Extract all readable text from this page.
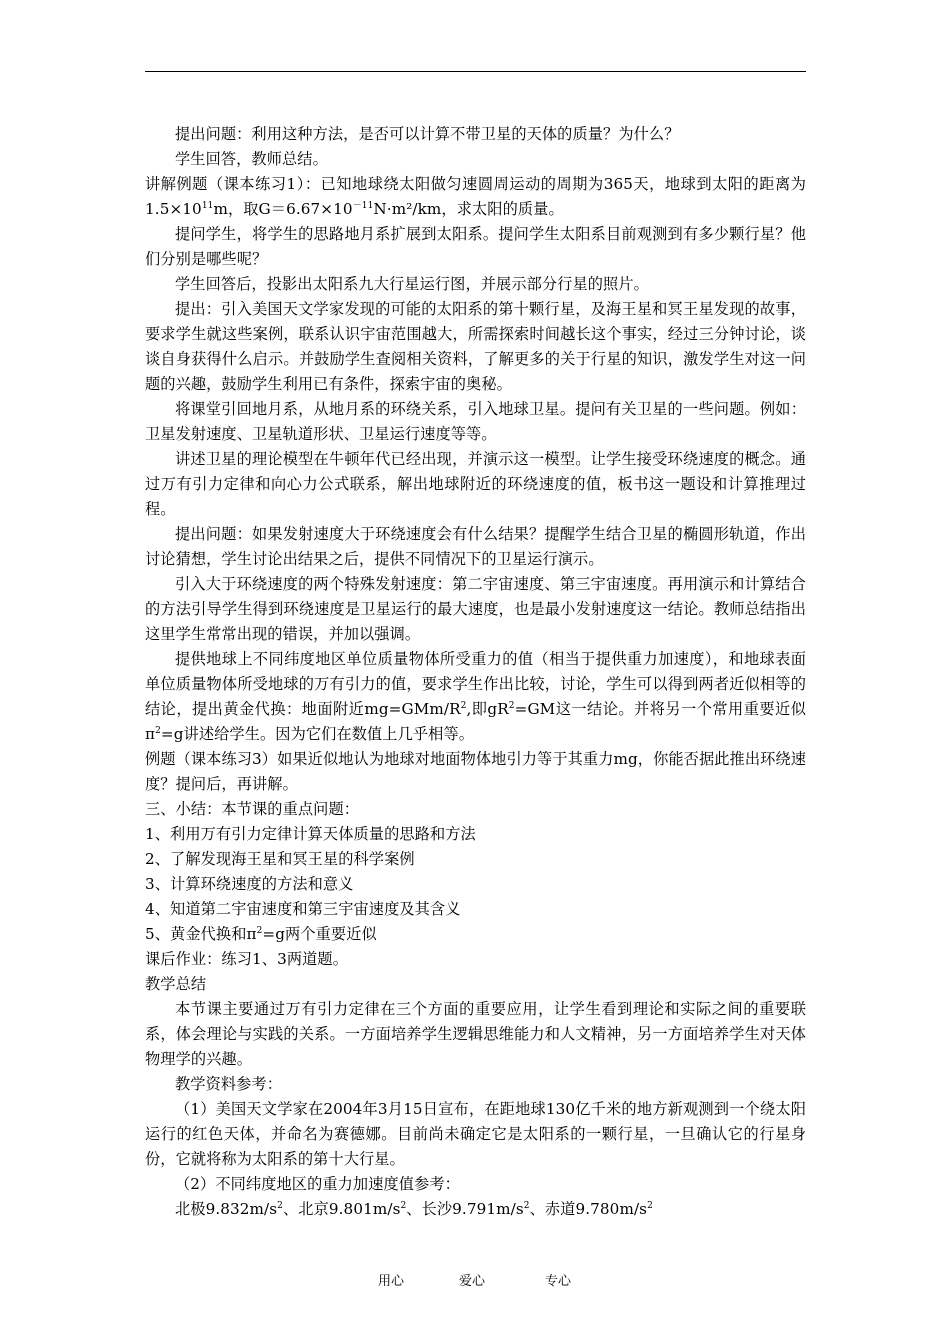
提出问题：利用这种方法，是否可以计算不带卫星的天体的质量？为什么？

学生回答，教师总结。

讲解例题（课本练习1）：已知地球绕太阳做匀速圆周运动的周期为365天，地球到太阳的距离为$1.5\times 10^{11}m$，取$G=6.67\times 10^{-11}N\cdot m^2/km$，求太阳的质量。

提问学生，将学生的思路地月系扩展到太阳系。提问学生太阳系目前观测到有多少颗行星？他们分别是哪些呢？

学生回答后，投影出太阳系九大行星运行图，并展示部分行星的照片。

提出：引入美国天文学家发现的可能的太阳系的第十颗行星，及海王星和冥王星发现的故事，要求学生就这些案例，联系认识宇宙范围越大，所需探索时间越长这个事实，经过三分钟讨论，谈谈自身获得什么启示。并鼓励学生查阅相关资料，了解更多的关于行星的知识，激发学生对这一问题的兴趣，鼓励学生利用已有条件，探索宇宙的奥秘。

将课堂引回地月系，从地月系的环绕关系，引入地球卫星。提问有关卫星的一些问题。例如：卫星发射速度、卫星轨道形状、卫星运行速度等等。

讲述卫星的理论模型在牛顿年代已经出现，并演示这一模型。让学生接受环绕速度的概念。通过万有引力定律和向心力公式联系，解出地球附近的环绕速度的值，板书这一题设和计算推理过程。

提出问题：如果发射速度大于环绕速度会有什么结果？提醒学生结合卫星的椭圆形轨道，作出讨论猜想，学生讨论出结果之后，提供不同情况下的卫星运行演示。

引入大于环绕速度的两个特殊发射速度：第二宇宙速度、第三宇宙速度。再用演示和计算结合的方法引导学生得到环绕速度是卫星运行的最大速度，也是最小发射速度这一结论。教师总结指出这里学生常常出现的错误，并加以强调。

提供地球上不同纬度地区单位质量物体所受重力的值（相当于提供重力加速度），和地球表面单位质量物体所受地球的万有引力的值，要求学生作出比较，讨论，学生可以得到两者近似相等的结论，提出黄金代换：地面附近$mg=GMm/R^2$,即$gR^2=GM$这一结论。并将另一个常用重要近似$\pi^2=g$讲述给学生。因为它们在数值上几乎相等。

例题（课本练习3）如果近似地认为地球对地面物体地引力等于其重力mg，你能否据此推出环绕速度？提问后，再讲解。

三、小结：本节课的重点问题：

1、利用万有引力定律计算天体质量的思路和方法

2、了解发现海王星和冥王星的科学案例

3、计算环绕速度的方法和意义

4、知道第二宇宙速度和第三宇宙速度及其含义

5、黄金代换和$\pi^2=g$两个重要近似

课后作业：练习1、3两道题。

教学总结

本节课主要通过万有引力定律在三个方面的重要应用，让学生看到理论和实际之间的重要联系，体会理论与实践的关系。一方面培养学生逻辑思维能力和人文精神，另一方面培养学生对天体物理学的兴趣。

教学资料参考：

（1）美国天文学家在2004年3月15日宣布，在距地球130亿千米的地方新观测到一个绕太阳运行的红色天体，并命名为赛德娜。目前尚未确定它是太阳系的一颗行星，一旦确认它的行星身份，它就将称为太阳系的第十大行星。

（2）不同纬度地区的重力加速度值参考：

北极$9.832m/s^2$、北京$9.801m/s^2$、长沙$9.791m/s^2$、赤道$9.780m/s^2$

用心	爱心	专心
